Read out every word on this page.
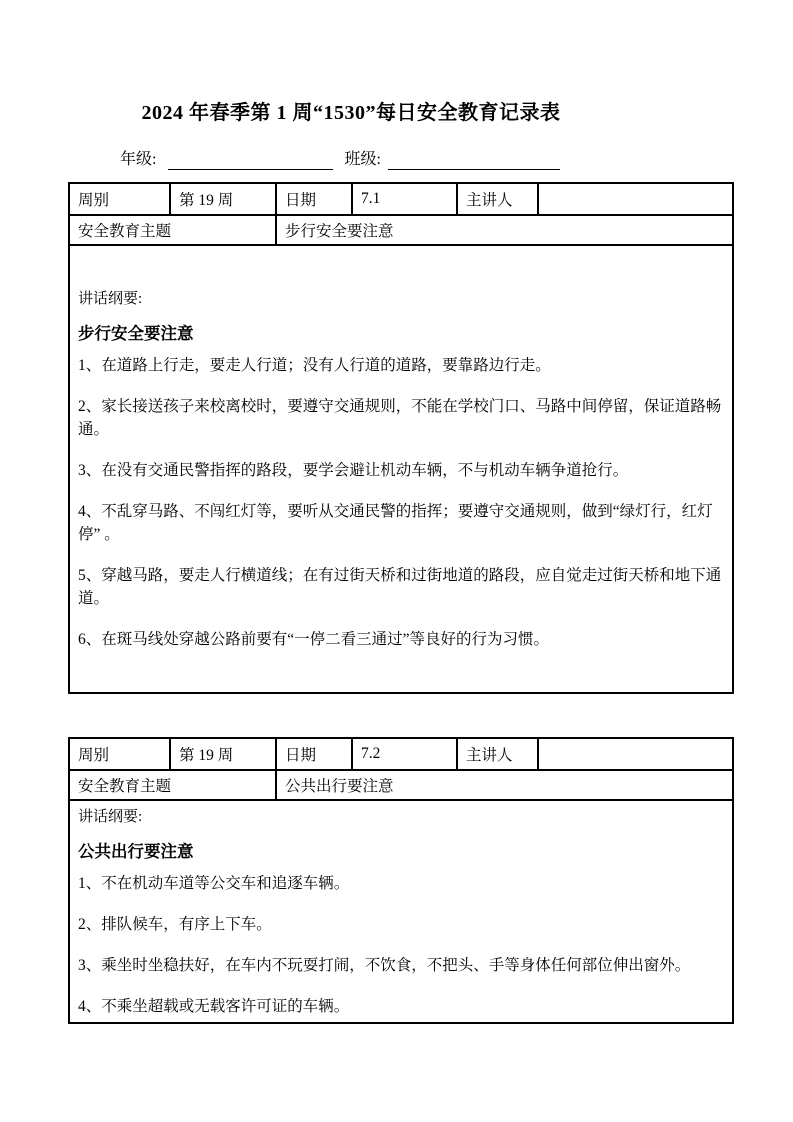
2024 年春季第 1 周“1530”每日安全教育记录表
年级:	班级:
周别	第 19 周	日期	7.1	主讲人	
安全教育主题		步行安全要注意			

讲话纲要:

步行安全要注意

1、在道路上行走，要走人行道；没有人行道的道路，要靠路边行走。

2、家长接送孩子来校离校时，要遵守交通规则，不能在学校门口、马路中间停留，保证道路畅通。

3、在没有交通民警指挥的路段，要学会避让机动车辆，不与机动车辆争道抢行。

4、不乱穿马路、不闯红灯等，要听从交通民警的指挥；要遵守交通规则，做到“绿灯行，红灯停” 。

5、穿越马路，要走人行横道线；在有过街天桥和过街地道的路段，应自觉走过街天桥和地下通道。

6、在斑马线处穿越公路前要有“一停二看三通过”等良好的行为习惯。

周别	第 19 周	日期	7.2	主讲人	
安全教育主题		公共出行要注意			

讲话纲要:

公共出行要注意

1、不在机动车道等公交车和追逐车辆。

2、排队候车，有序上下车。

3、乘坐时坐稳扶好，在车内不玩耍打闹，不饮食，不把头、手等身体任何部位伸出窗外。

4、不乘坐超载或无载客许可证的车辆。
